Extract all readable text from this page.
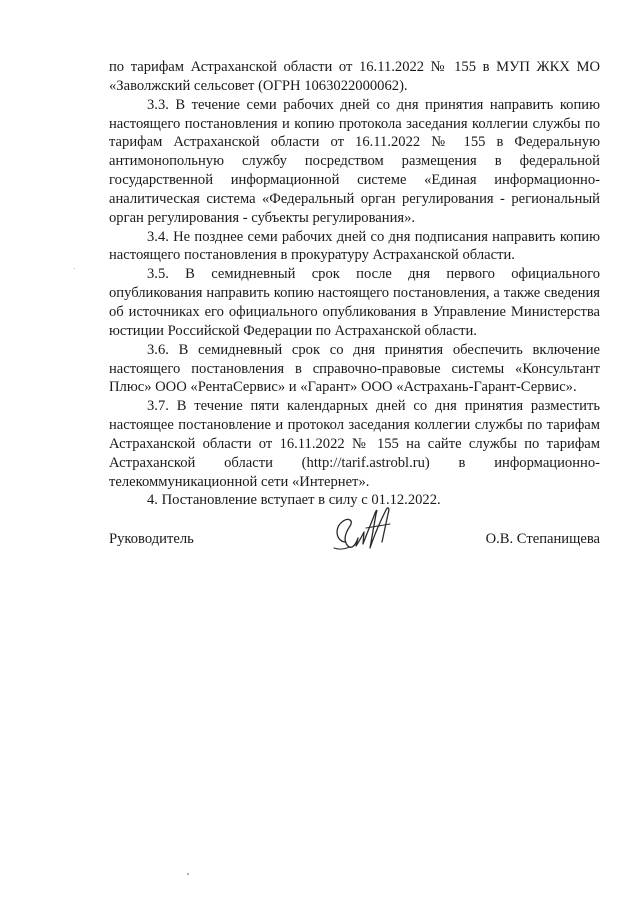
по тарифам Астраханской области от 16.11.2022 № 155 в МУП ЖКХ МО «Заволжский сельсовет (ОГРН 1063022000062).

3.3. В течение семи рабочих дней со дня принятия направить копию настоящего постановления и копию протокола заседания коллегии службы по тарифам Астраханской области от 16.11.2022 № 155 в Федеральную антимонопольную службу посредством размещения в федеральной государственной информационной системе «Единая информационно-аналитическая система «Федеральный орган регулирования - региональный орган регулирования - субъекты регулирования».

3.4. Не позднее семи рабочих дней со дня подписания направить копию настоящего постановления в прокуратуру Астраханской области.

3.5. В семидневный срок после дня первого официального опубликования направить копию настоящего постановления, а также сведения об источниках его официального опубликования в Управление Министерства юстиции Российской Федерации по Астраханской области.

3.6. В семидневный срок со дня принятия обеспечить включение настоящего постановления в справочно-правовые системы «Консультант Плюс» ООО «РентаСервис» и «Гарант» ООО «Астрахань-Гарант-Сервис».

3.7. В течение пяти календарных дней со дня принятия разместить настоящее постановление и протокол заседания коллегии службы по тарифам Астраханской области от 16.11.2022 № 155 на сайте службы по тарифам Астраханской области (http://tarif.astrobl.ru) в информационно-телекоммуникационной сети «Интернет».

4. Постановление вступает в силу с 01.12.2022.

Руководитель	О.В. Степанищева
